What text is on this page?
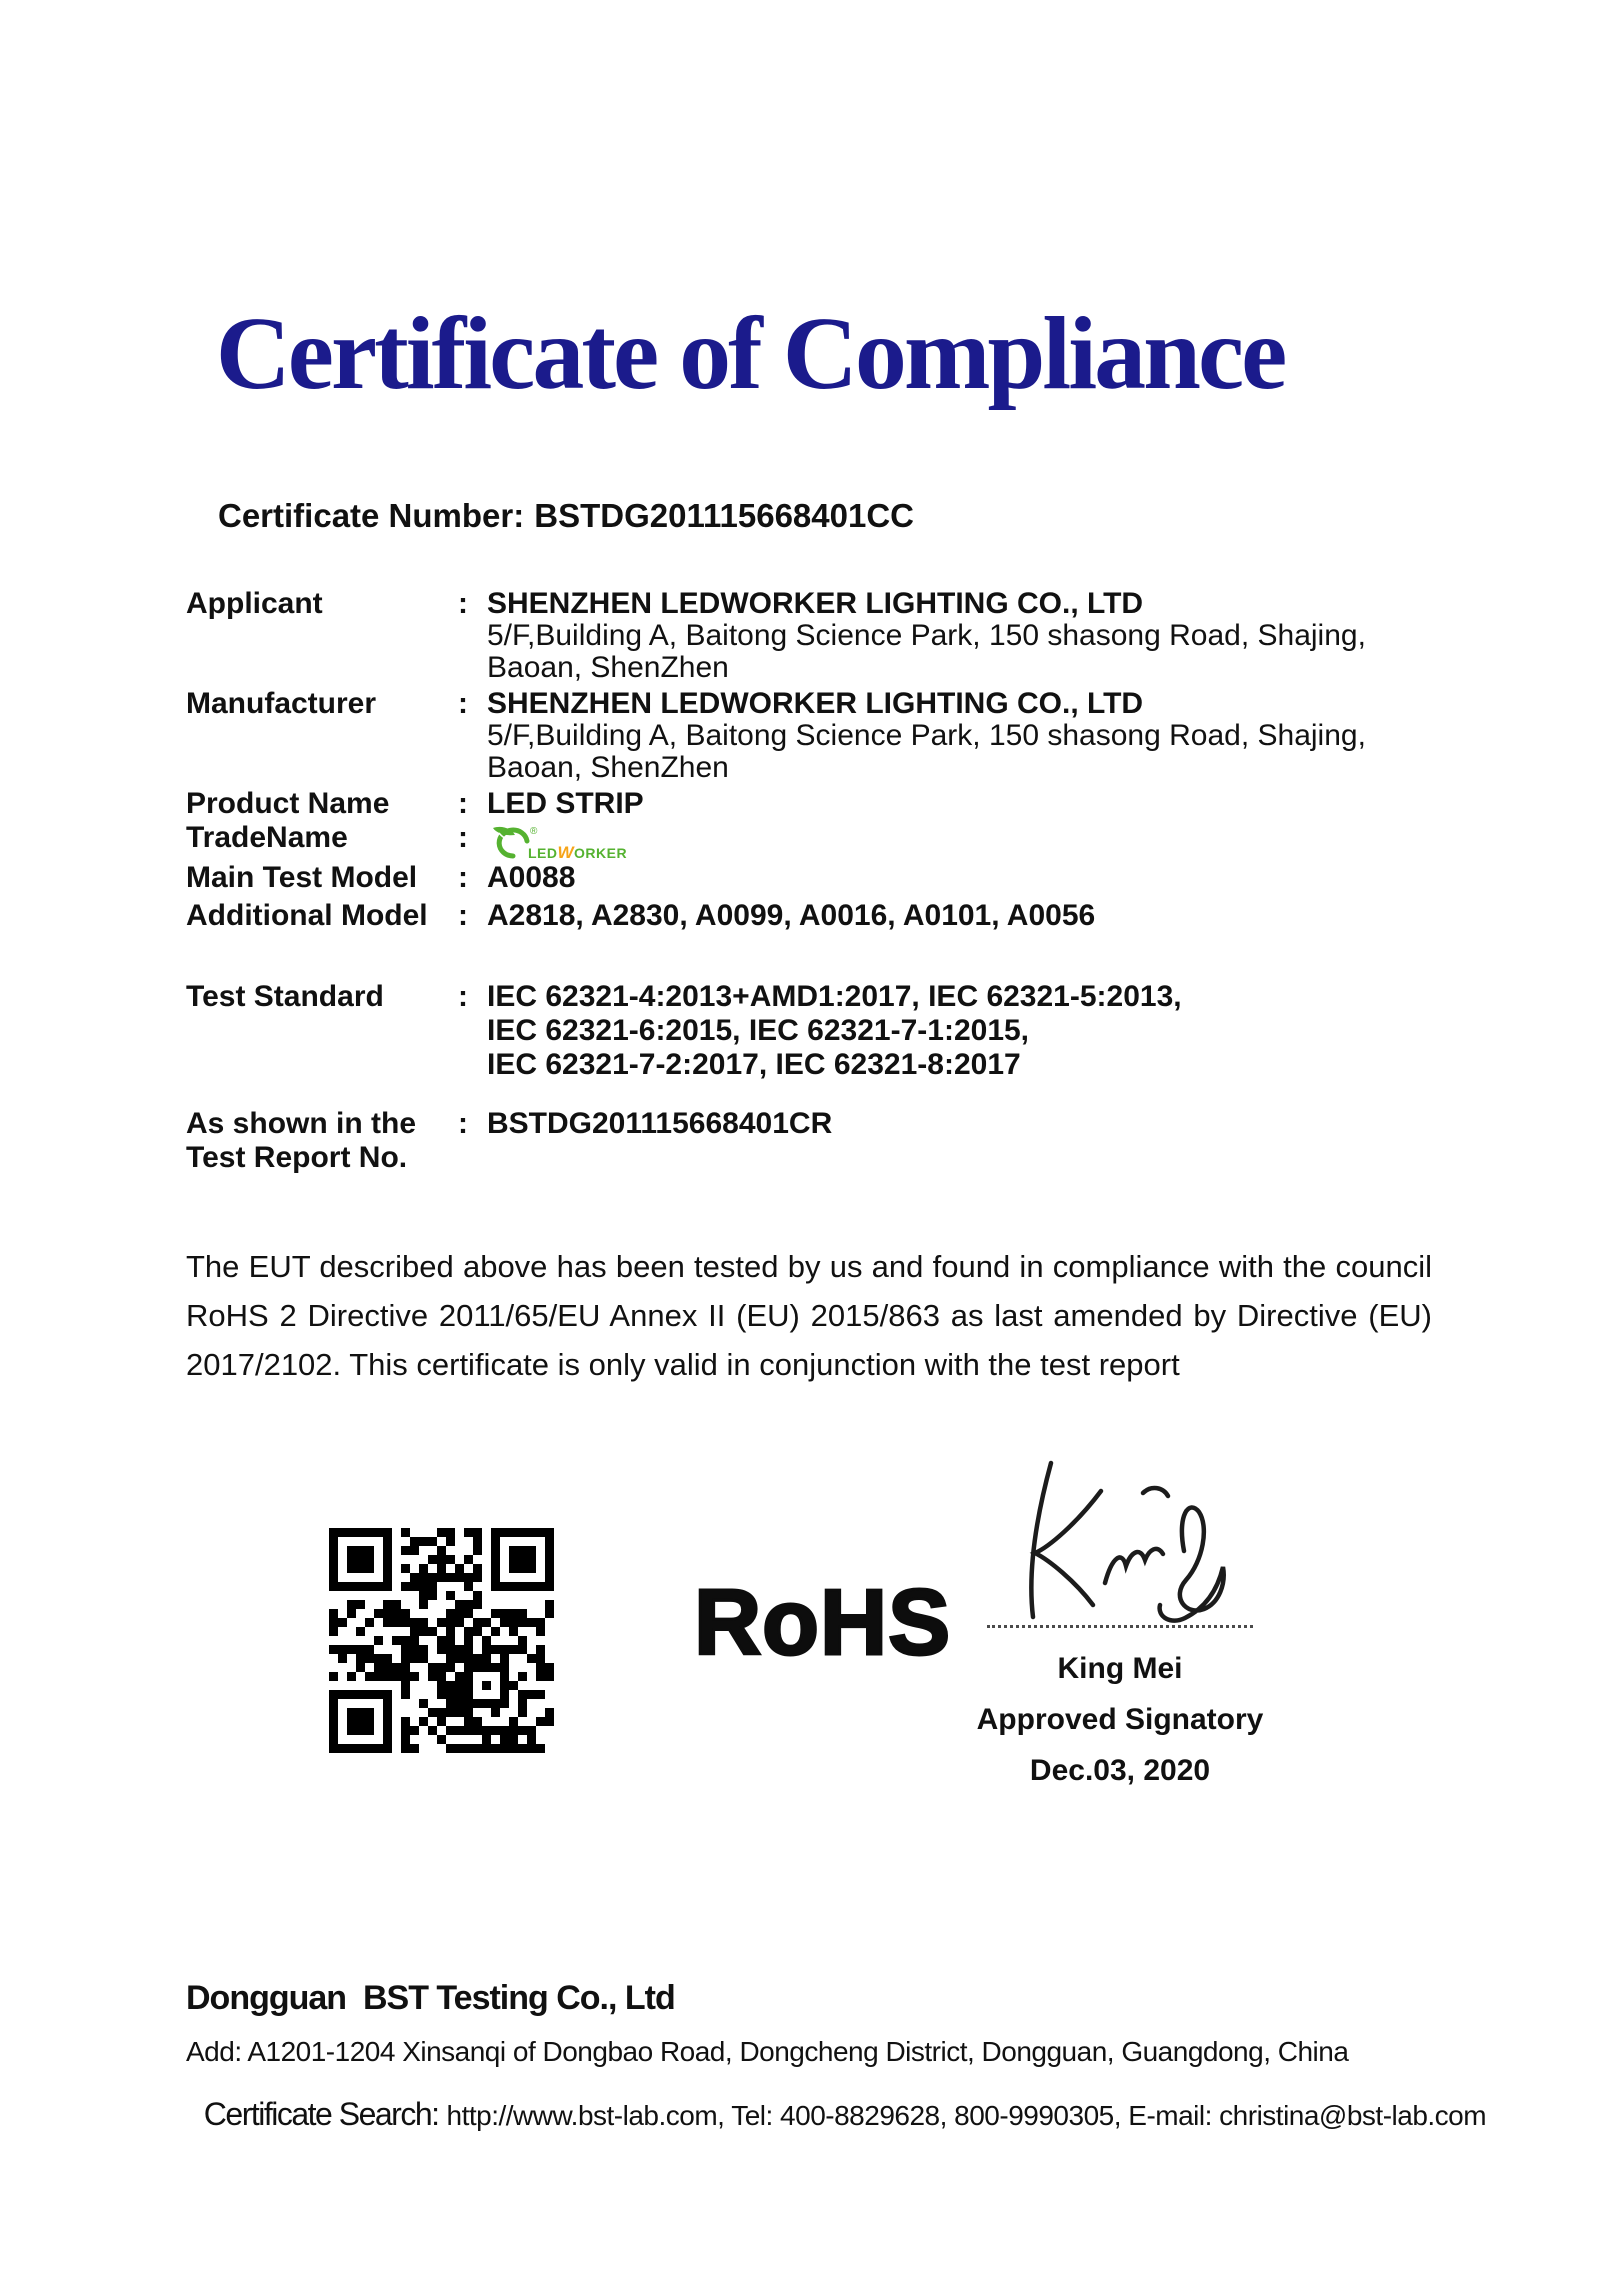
Certificate of Compliance
Certificate Number: BSTDG201115668401CC
Applicant	: SHENZHEN LEDWORKER LIGHTING CO., LTD
5/F,Building A, Baitong Science Park, 150 shasong Road, Shajing,
Baoan, ShenZhen
Manufacturer	: SHENZHEN LEDWORKER LIGHTING CO., LTD
5/F,Building A, Baitong Science Park, 150 shasong Road, Shajing,
Baoan, ShenZhen
Product Name	: LED STRIP
TradeName	:	®
LEDWORKER
Main Test Model	: A0088
Additional Model	: A2818, A2830, A0099, A0016, A0101, A0056
Test Standard	: IEC 62321-4:2013+AMD1:2017, IEC 62321-5:2013,
IEC 62321-6:2015, IEC 62321-7-1:2015,
IEC 62321-7-2:2017, IEC 62321-8:2017
As shown in the
Test Report No.
: BSTDG201115668401CR
The EUT described above has been tested by us and found in compliance with the council RoHS 2 Directive 2011/65/EU Annex II (EU) 2015/863 as last amended by Directive (EU) 2017/2102. This certificate is only valid in conjunction with the test report
RoHS	King Mei
Approved Signatory
Dec.03, 2020
Dongguan  BST Testing Co., Ltd
Add: A1201-1204 Xinsanqi of Dongbao Road, Dongcheng District, Dongguan, Guangdong, China

Certificate Search: http://www.bst-lab.com, Tel: 400-8829628, 800-9990305, E-mail: christina@bst-lab.com
